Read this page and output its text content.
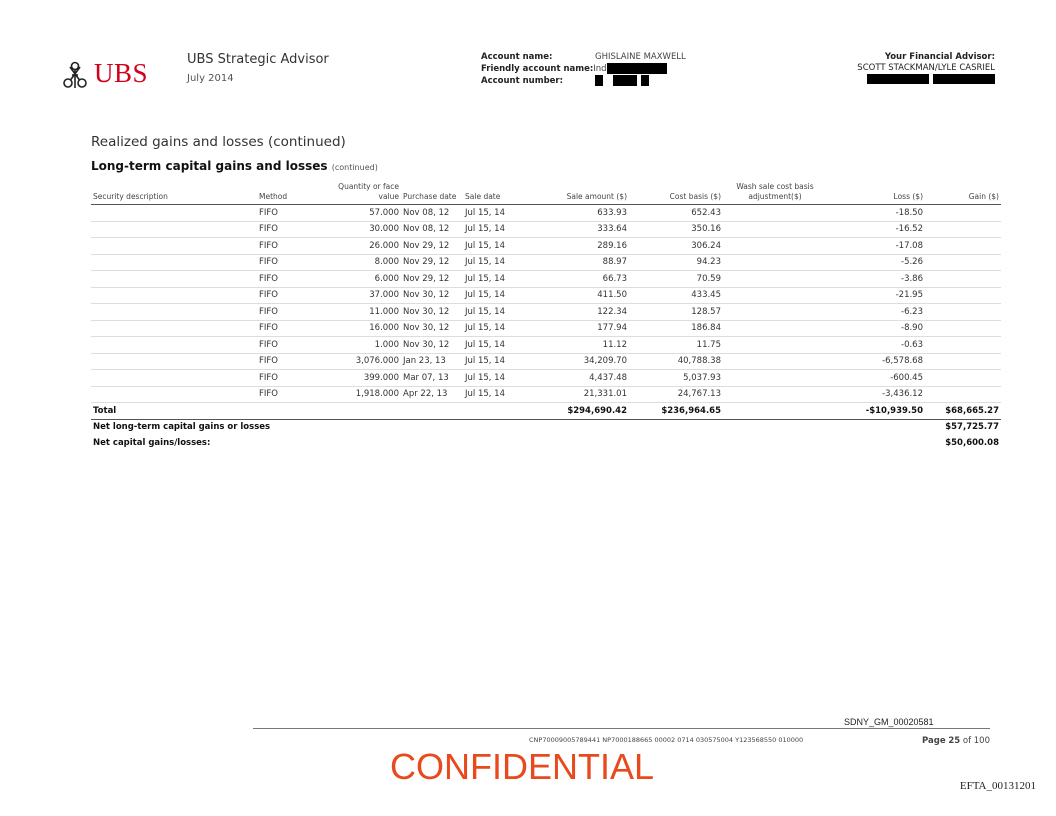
UBS	UBS Strategic Advisor
July 2014
Account name:	GHISLAINE MAXWELL
Friendly account name:Ind
Account number:
Your Financial Advisor:
SCOTT STACKMAN/LYLE CASRIEL
Realized gains and losses (continued)
Long-term capital gains and losses (continued)
Security description	Method	Quantity or face value	Purchase date	Sale date	Sale amount ($)	Cost basis ($)	Wash sale cost basis adjustment($)	Loss ($)	Gain ($)
	FIFO	57.000	Nov 08, 12	Jul 15, 14	633.93	652.43		-18.50	
	FIFO	30.000	Nov 08, 12	Jul 15, 14	333.64	350.16		-16.52	
	FIFO	26.000	Nov 29, 12	Jul 15, 14	289.16	306.24		-17.08	
	FIFO	8.000	Nov 29, 12	Jul 15, 14	88.97	94.23		-5.26	
	FIFO	6.000	Nov 29, 12	Jul 15, 14	66.73	70.59		-3.86	
	FIFO	37.000	Nov 30, 12	Jul 15, 14	411.50	433.45		-21.95	
	FIFO	11.000	Nov 30, 12	Jul 15, 14	122.34	128.57		-6.23	
	FIFO	16.000	Nov 30, 12	Jul 15, 14	177.94	186.84		-8.90	
	FIFO	1.000	Nov 30, 12	Jul 15, 14	11.12	11.75		-0.63	
	FIFO	3,076.000	Jan 23, 13	Jul 15, 14	34,209.70	40,788.38		-6,578.68	
	FIFO	399.000	Mar 07, 13	Jul 15, 14	4,437.48	5,037.93		-600.45	
	FIFO	1,918.000	Apr 22, 13	Jul 15, 14	21,331.01	24,767.13		-3,436.12	
Total					$294,690.42	$236,964.65		-$10,939.50	$68,665.27
Net long-term capital gains or losses									$57,725.77
Net capital gains/losses:									$50,600.08
SDNY_GM_00020581
CNP70009005789441 NP7000188665 00002 0714 030575004 Y123568550 010000	Page 25 of 100
CONFIDENTIAL	EFTA_00131201
